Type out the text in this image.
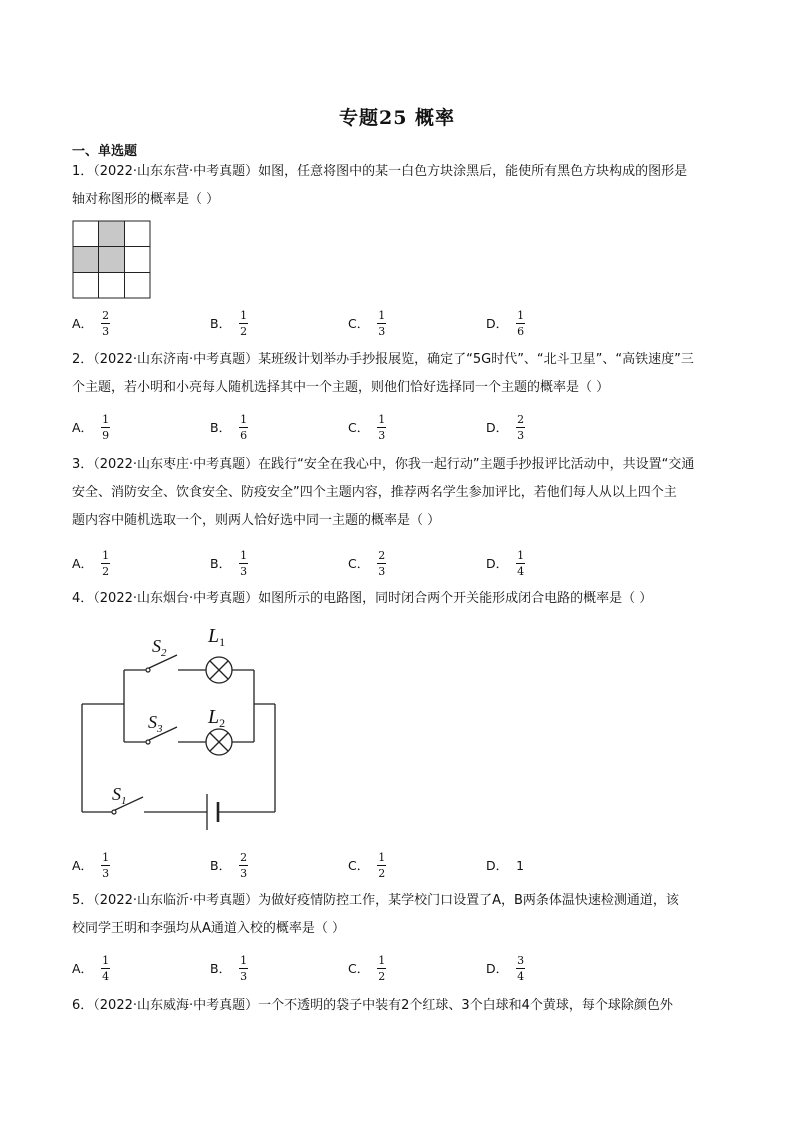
专题25 概率
一、单选题

1．（2022·山东东营·中考真题）如图，任意将图中的某一白色方块涂黑后，能使所有黑色方块构成的图形是

轴对称图形的概率是（ ）

A． $\frac{2}{3}$	B． $\frac{1}{2}$	C． $\frac{1}{3}$	D． $\frac{1}{6}$

2．（2022·山东济南·中考真题）某班级计划举办手抄报展览，确定了“5G时代”、“北斗卫星”、“高铁速度”三

个主题，若小明和小亮每人随机选择其中一个主题，则他们恰好选择同一个主题的概率是（ ）

A． $\frac{1}{9}$	B． $\frac{1}{6}$	C． $\frac{1}{3}$	D． $\frac{2}{3}$

3．（2022·山东枣庄·中考真题）在践行“安全在我心中，你我一起行动”主题手抄报评比活动中，共设置“交通

安全、消防安全、饮食安全、防疫安全”四个主题内容，推荐两名学生参加评比，若他们每人从以上四个主

题内容中随机选取一个，则两人恰好选中同一主题的概率是（ ）

A． $\frac{1}{2}$	B． $\frac{1}{3}$	C． $\frac{2}{3}$	D． $\frac{1}{4}$

4．（2022·山东烟台·中考真题）如图所示的电路图，同时闭合两个开关能形成闭合电路的概率是（ ）

$S_2$
$L_1$
$S_3$
$L_2$
$S_1$
A． $\frac{1}{3}$	B． $\frac{2}{3}$	C． $\frac{1}{2}$	D． 1

5．（2022·山东临沂·中考真题）为做好疫情防控工作，某学校门口设置了A，B两条体温快速检测通道，该

校同学王明和李强均从A通道入校的概率是（ ）

A． $\frac{1}{4}$	B． $\frac{1}{3}$	C． $\frac{1}{2}$	D． $\frac{3}{4}$

6．（2022·山东威海·中考真题）一个不透明的袋子中装有2个红球、3个白球和4个黄球，每个球除颜色外
